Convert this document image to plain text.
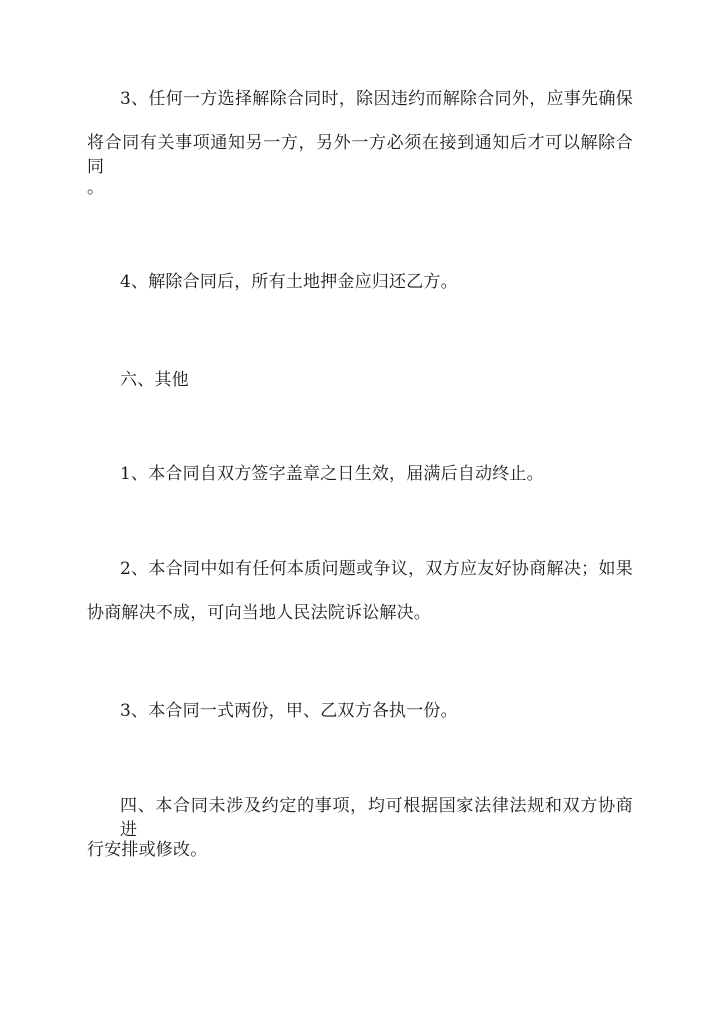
3、任何一方选择解除合同时，除因违约而解除合同外，应事先确保
将合同有关事项通知另一方，另外一方必须在接到通知后才可以解除合同
。
4、解除合同后，所有土地押金应归还乙方。
六、其他
1、本合同自双方签字盖章之日生效，届满后自动终止。
2、本合同中如有任何本质问题或争议，双方应友好协商解决；如果
协商解决不成，可向当地人民法院诉讼解决。
3、本合同一式两份，甲、乙双方各执一份。
四、本合同未涉及约定的事项，均可根据国家法律法规和双方协商进
行安排或修改。
